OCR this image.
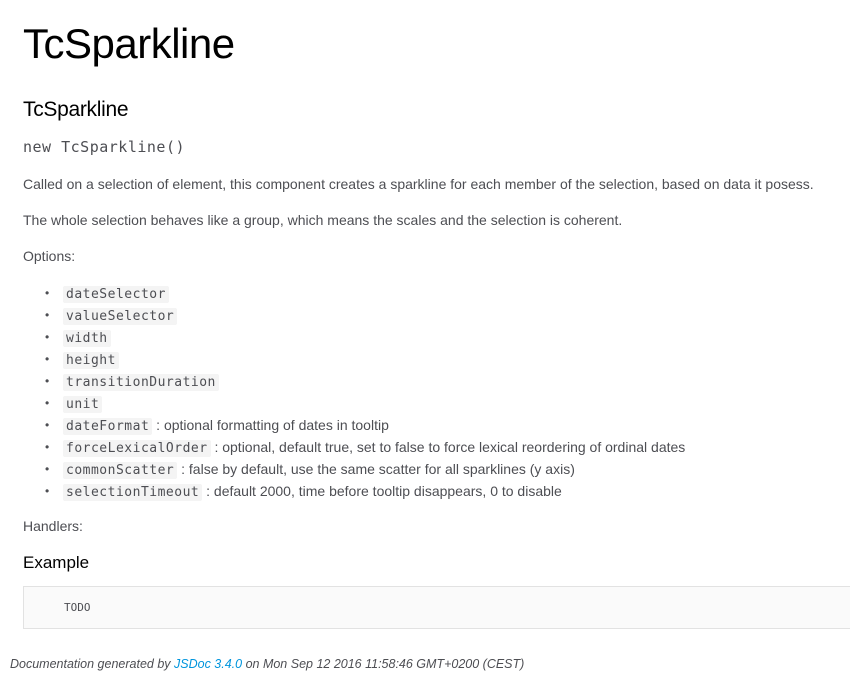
TcSparkline
TcSparkline
new TcSparkline()

Called on a selection of element, this component creates a sparkline for each member of the selection, based on data it posess.

The whole selection behaves like a group, which means the scales and the selection is coherent.

Options:

• dateSelector
• valueSelector
• width
• height
• transitionDuration
• unit
• dateFormat : optional formatting of dates in tooltip
• forceLexicalOrder : optional, default true, set to false to force lexical reordering of ordinal dates
• commonScatter : false by default, use the same scatter for all sparklines (y axis)
• selectionTimeout : default 2000, time before tooltip disappears, 0 to disable

Handlers:

Example
TODO
Documentation generated by JSDoc 3.4.0 on Mon Sep 12 2016 11:58:46 GMT+0200 (CEST)
